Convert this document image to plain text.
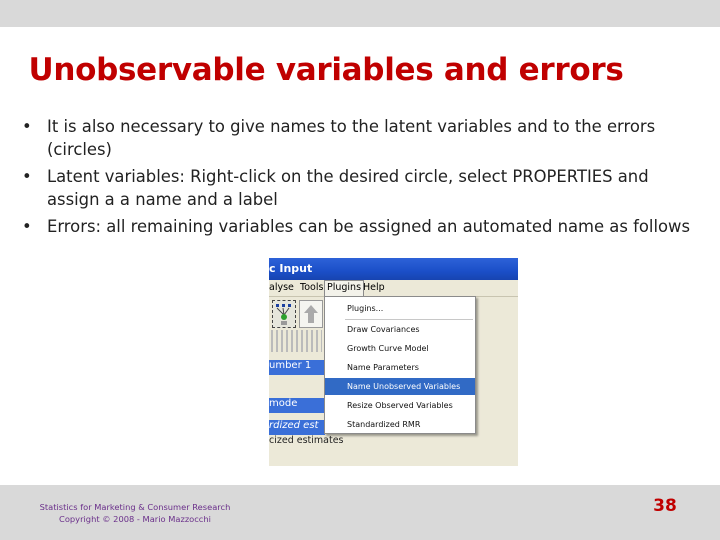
Unobservable variables and errors
• It is also necessary to give names to the latent variables and to the errors (circles)
• Latent variables: Right-click on the desired circle, select PROPERTIES and assign a a name and a label
• Errors: all remaining variables can be assigned an automated name as follows
c Input
alyse Tools Plugins Help
umber 1
mode
rdized est
cized estimates
Plugins...
Draw Covariances
Growth Curve Model
Name Parameters
Name Unobserved Variables
Resize Observed Variables
Standardized RMR
Statistics for Marketing & Consumer Research
Copyright © 2008 - Mario Mazzocchi
38
